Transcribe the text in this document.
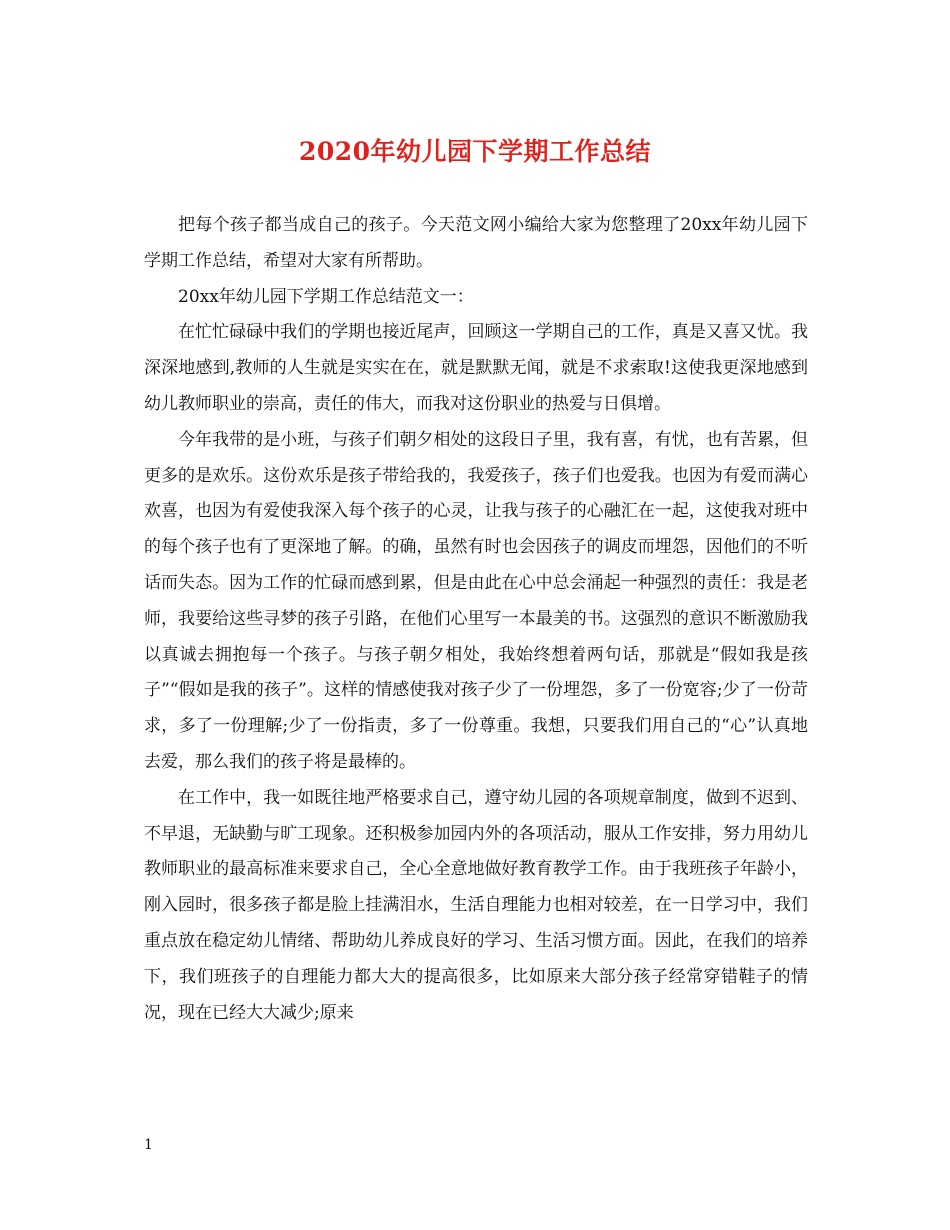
2020年幼儿园下学期工作总结

把每个孩子都当成自己的孩子。今天范文网小编给大家为您整理了20xx年幼儿园下学期工作总结，希望对大家有所帮助。

20xx年幼儿园下学期工作总结范文一：

在忙忙碌碌中我们的学期也接近尾声，回顾这一学期自己的工作，真是又喜又忧。我深深地感到,教师的人生就是实实在在，就是默默无闻，就是不求索取!这使我更深地感到幼儿教师职业的崇高，责任的伟大，而我对这份职业的热爱与日俱增。

今年我带的是小班，与孩子们朝夕相处的这段日子里，我有喜，有忧，也有苦累，但更多的是欢乐。这份欢乐是孩子带给我的，我爱孩子，孩子们也爱我。也因为有爱而满心欢喜，也因为有爱使我深入每个孩子的心灵，让我与孩子的心融汇在一起，这使我对班中的每个孩子也有了更深地了解。的确，虽然有时也会因孩子的调皮而埋怨，因他们的不听话而失态。因为工作的忙碌而感到累，但是由此在心中总会涌起一种强烈的责任：我是老师，我要给这些寻梦的孩子引路，在他们心里写一本最美的书。这强烈的意识不断激励我以真诚去拥抱每一个孩子。与孩子朝夕相处，我始终想着两句话，那就是“假如我是孩子”“假如是我的孩子”。这样的情感使我对孩子少了一份埋怨，多了一份宽容;少了一份苛求，多了一份理解;少了一份指责，多了一份尊重。我想，只要我们用自己的“心”认真地去爱，那么我们的孩子将是最棒的。

在工作中，我一如既往地严格要求自己，遵守幼儿园的各项规章制度，做到不迟到、不早退，无缺勤与旷工现象。还积极参加园内外的各项活动，服从工作安排，努力用幼儿教师职业的最高标准来要求自己，全心全意地做好教育教学工作。由于我班孩子年龄小，刚入园时，很多孩子都是脸上挂满泪水，生活自理能力也相对较差，在一日学习中，我们重点放在稳定幼儿情绪、帮助幼儿养成良好的学习、生活习惯方面。因此，在我们的培养下，我们班孩子的自理能力都大大的提高很多，比如原来大部分孩子经常穿错鞋子的情况，现在已经大大减少;原来

1
